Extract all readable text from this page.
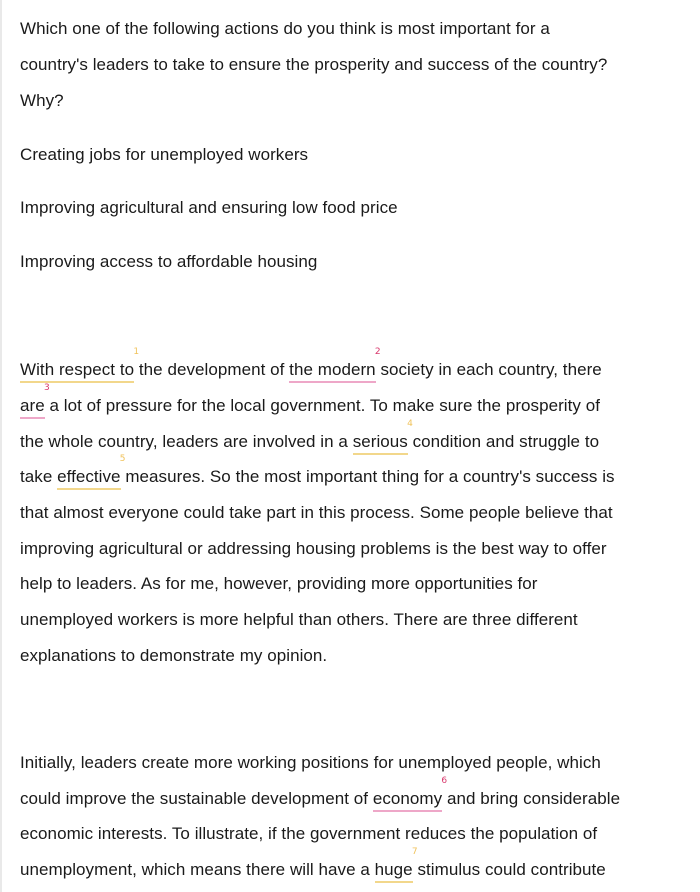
Which one of the following actions do you think is most important for a
country's leaders to take to ensure the prosperity and success of the country?
Why?
Creating jobs for unemployed workers
Improving agricultural and ensuring low food price
Improving access to affordable housing
With respect to
1
the development of the modern
2
society in each country, there
are
3
a lot of pressure for the local government. To make sure the prosperity of
the whole country, leaders are involved in a serious
4
condition and struggle to
take effective
5
measures. So the most important thing for a country's success is
that almost everyone could take part in this process. Some people believe that
improving agricultural or addressing housing problems is the best way to offer
help to leaders. As for me, however, providing more opportunities for
unemployed workers is more helpful than others. There are three different
explanations to demonstrate my opinion.
Initially, leaders create more working positions for unemployed people, which
could improve the sustainable development of economy
6
and bring considerable
economic interests. To illustrate, if the government reduces the population of
unemployment, which means there will have a huge
7
stimulus could contribute
